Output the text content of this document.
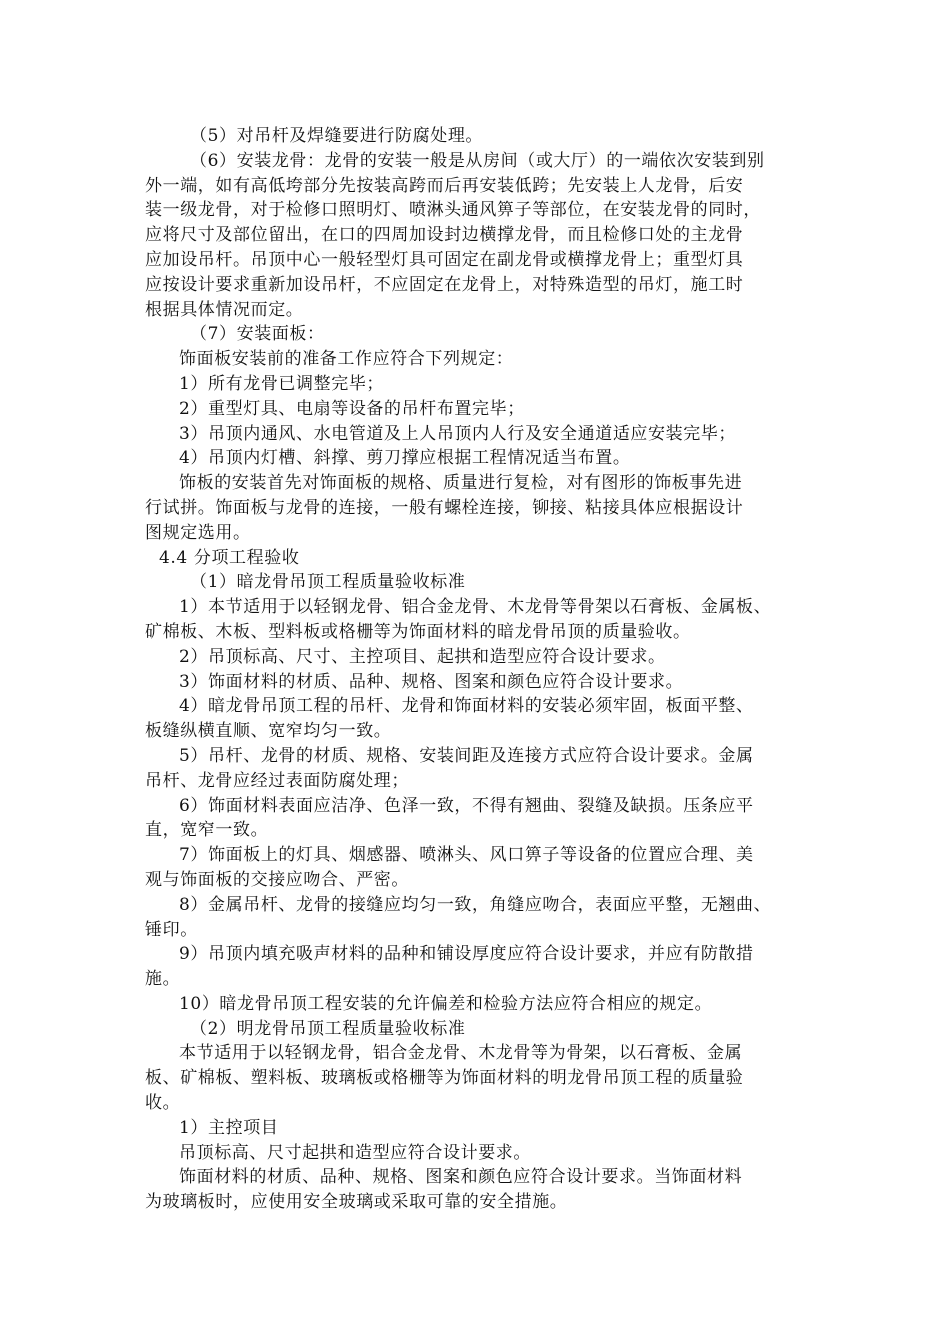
（5）对吊杆及焊缝要进行防腐处理。
（6）安装龙骨：龙骨的安装一般是从房间（或大厅）的一端依次安装到别
外一端，如有高低垮部分先按装高跨而后再安装低跨；先安装上人龙骨，后安
装一级龙骨，对于检修口照明灯、喷淋头通风箅子等部位，在安装龙骨的同时，
应将尺寸及部位留出，在口的四周加设封边横撑龙骨，而且检修口处的主龙骨
应加设吊杆。吊顶中心一般轻型灯具可固定在副龙骨或横撑龙骨上；重型灯具
应按设计要求重新加设吊杆，不应固定在龙骨上，对特殊造型的吊灯，施工时
根据具体情况而定。
（7）安装面板：
饰面板安装前的准备工作应符合下列规定：
1）所有龙骨已调整完毕；
2）重型灯具、电扇等设备的吊杆布置完毕；
3）吊顶内通风、水电管道及上人吊顶内人行及安全通道适应安装完毕；
4）吊顶内灯槽、斜撑、剪刀撑应根据工程情况适当布置。
饰板的安装首先对饰面板的规格、质量进行复检，对有图形的饰板事先进
行试拼。饰面板与龙骨的连接，一般有螺栓连接，铆接、粘接具体应根据设计
图规定选用。
4.4 分项工程验收
（1）暗龙骨吊顶工程质量验收标准
1）本节适用于以轻钢龙骨、铝合金龙骨、木龙骨等骨架以石膏板、金属板、
矿棉板、木板、型料板或格栅等为饰面材料的暗龙骨吊顶的质量验收。
2）吊顶标高、尺寸、主控项目、起拱和造型应符合设计要求。
3）饰面材料的材质、品种、规格、图案和颜色应符合设计要求。
4）暗龙骨吊顶工程的吊杆、龙骨和饰面材料的安装必须牢固，板面平整、
板缝纵横直顺、宽窄均匀一致。
5）吊杆、龙骨的材质、规格、安装间距及连接方式应符合设计要求。金属
吊杆、龙骨应经过表面防腐处理；
6）饰面材料表面应洁净、色泽一致，不得有翘曲、裂缝及缺损。压条应平
直，宽窄一致。
7）饰面板上的灯具、烟感器、喷淋头、风口箅子等设备的位置应合理、美
观与饰面板的交接应吻合、严密。
8）金属吊杆、龙骨的接缝应均匀一致，角缝应吻合，表面应平整，无翘曲、
锤印。
9）吊顶内填充吸声材料的品种和铺设厚度应符合设计要求，并应有防散措
施。
10）暗龙骨吊顶工程安装的允许偏差和检验方法应符合相应的规定。
（2）明龙骨吊顶工程质量验收标准
本节适用于以轻钢龙骨，铝合金龙骨、木龙骨等为骨架，以石膏板、金属
板、矿棉板、塑料板、玻璃板或格栅等为饰面材料的明龙骨吊顶工程的质量验
收。
1）主控项目
吊顶标高、尺寸起拱和造型应符合设计要求。
饰面材料的材质、品种、规格、图案和颜色应符合设计要求。当饰面材料
为玻璃板时，应使用安全玻璃或采取可靠的安全措施。
